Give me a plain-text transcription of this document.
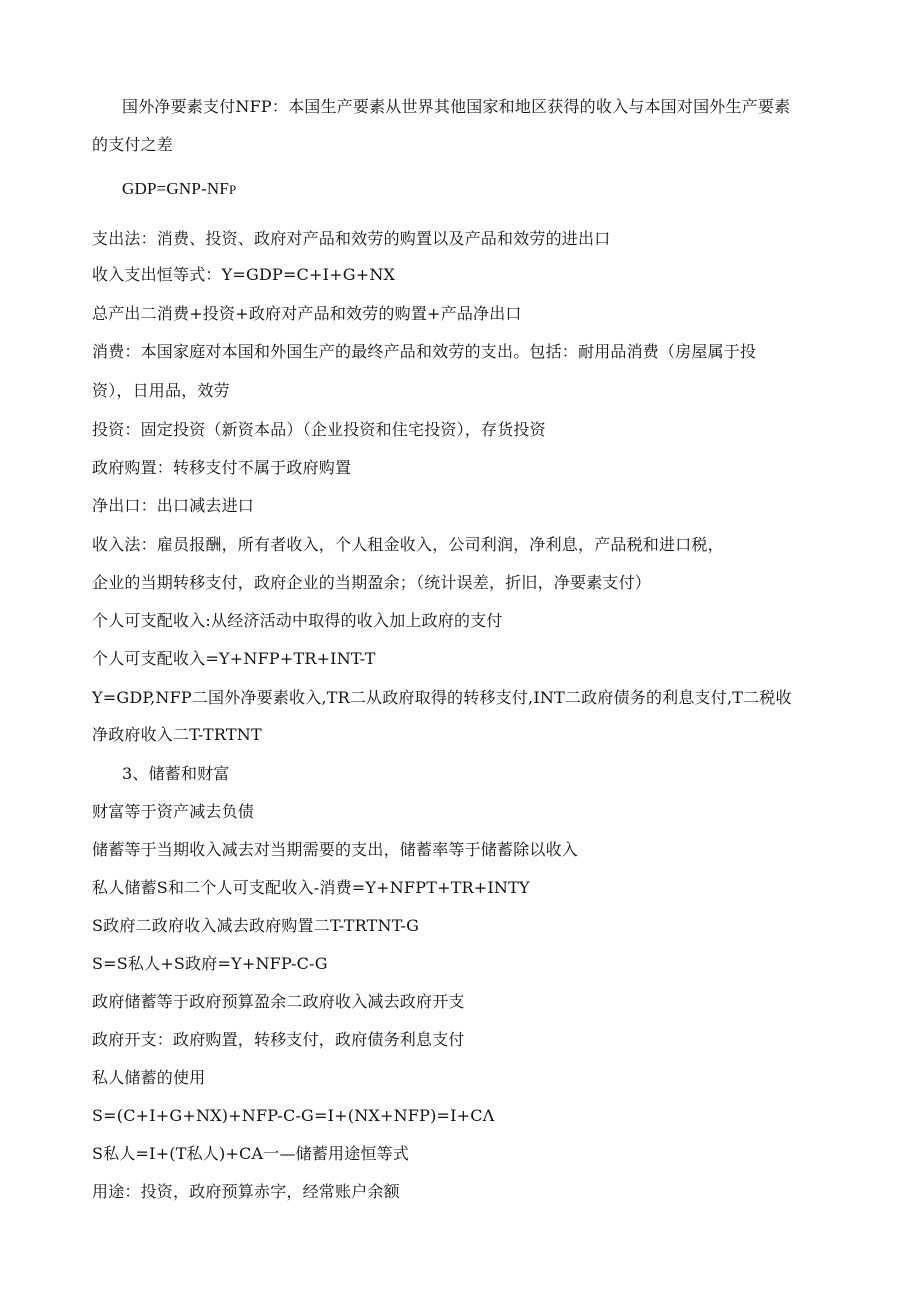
国外净要素支付NFP：本国生产要素从世界其他国家和地区获得的收入与本国对国外生产要素
的支付之差
GDP=GNP-NFP
支出法：消费、投资、政府对产品和效劳的购置以及产品和效劳的进出口
收入支出恒等式：Y=GDP=C+I+G+NX
总产出二消费+投资+政府对产品和效劳的购置+产品净出口
消费：本国家庭对本国和外国生产的最终产品和效劳的支出。包括：耐用品消费（房屋属于投
资），日用品，效劳
投资：固定投资（新资本品）（企业投资和住宅投资），存货投资
政府购置：转移支付不属于政府购置
净出口：出口减去进口
收入法：雇员报酬，所有者收入，个人租金收入，公司利润，净利息，产品税和进口税，
企业的当期转移支付，政府企业的当期盈余；（统计误差，折旧，净要素支付）
个人可支配收入:从经济活动中取得的收入加上政府的支付
个人可支配收入=Y+NFP+TR+INT-T
Y=GDP,NFP二国外净要素收入,TR二从政府取得的转移支付,INT二政府债务的利息支付,T二税收
净政府收入二T-TRTNT
3、储蓄和财富
财富等于资产减去负债
储蓄等于当期收入减去对当期需要的支出，储蓄率等于储蓄除以收入
私人储蓄S和二个人可支配收入-消费=Y+NFPT+TR+INTY
S政府二政府收入减去政府购置二T-TRTNT-G
S=S私人+S政府=Y+NFP-C-G
政府储蓄等于政府预算盈余二政府收入减去政府开支
政府开支：政府购置，转移支付，政府债务利息支付
私人储蓄的使用
S=(C+I+G+NX)+NFP-C-G=I+(NX+NFP)=I+CΛ
S私人=I+(T私人)+CA一—储蓄用途恒等式
用途：投资，政府预算赤字，经常账户余额
